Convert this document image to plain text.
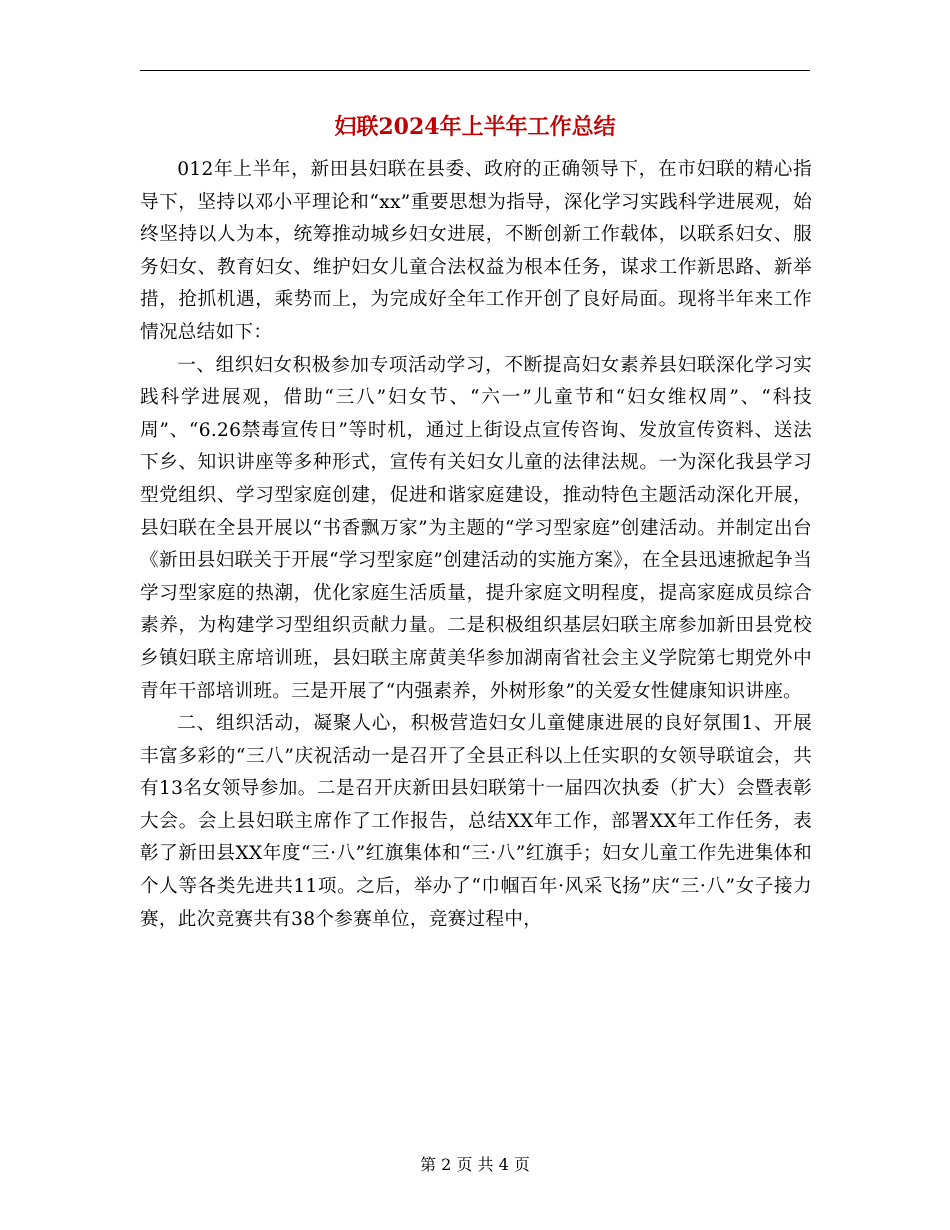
妇联2024年上半年工作总结

012年上半年，新田县妇联在县委、政府的正确领导下，在市妇联的精心指导下，坚持以邓小平理论和“xx”重要思想为指导，深化学习实践科学进展观，始终坚持以人为本，统筹推动城乡妇女进展，不断创新工作载体，以联系妇女、服务妇女、教育妇女、维护妇女儿童合法权益为根本任务，谋求工作新思路、新举措，抢抓机遇，乘势而上，为完成好全年工作开创了良好局面。现将半年来工作情况总结如下：

一、组织妇女积极参加专项活动学习，不断提高妇女素养县妇联深化学习实践科学进展观，借助“三八”妇女节、“六一”儿童节和“妇女维权周”、“科技周”、“6.26禁毒宣传日”等时机，通过上街设点宣传咨询、发放宣传资料、送法下乡、知识讲座等多种形式，宣传有关妇女儿童的法律法规。一为深化我县学习型党组织、学习型家庭创建，促进和谐家庭建设，推动特色主题活动深化开展，县妇联在全县开展以“书香飘万家”为主题的“学习型家庭”创建活动。并制定出台《新田县妇联关于开展“学习型家庭”创建活动的实施方案》，在全县迅速掀起争当学习型家庭的热潮，优化家庭生活质量，提升家庭文明程度，提高家庭成员综合素养，为构建学习型组织贡献力量。二是积极组织基层妇联主席参加新田县党校乡镇妇联主席培训班，县妇联主席黄美华参加湖南省社会主义学院第七期党外中青年干部培训班。三是开展了“内强素养，外树形象”的关爱女性健康知识讲座。

二、组织活动，凝聚人心，积极营造妇女儿童健康进展的良好氛围1、开展丰富多彩的“三八”庆祝活动一是召开了全县正科以上任实职的女领导联谊会，共有13名女领导参加。二是召开庆新田县妇联第十一届四次执委（扩大）会暨表彰大会。会上县妇联主席作了工作报告，总结XX年工作，部署XX年工作任务，表彰了新田县XX年度“三·八”红旗集体和“三·八”红旗手；妇女儿童工作先进集体和个人等各类先进共11项。之后，举办了“巾帼百年·风采飞扬”庆“三·八”女子接力赛，此次竞赛共有38个参赛单位，竞赛过程中，

第 2 页 共 4 页
